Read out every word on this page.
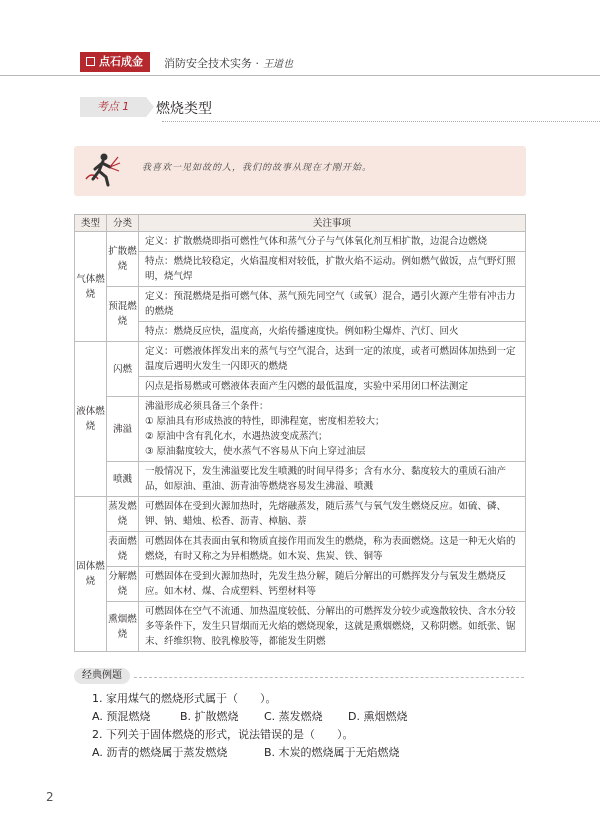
点石成金	消防安全技术实务 · 王道也
考点 1	燃烧类型
我喜欢一见如故的人，我们的故事从现在才刚开始。
类型	分类	关注事项
气体燃烧	扩散燃烧	定义：扩散燃烧即指可燃性气体和蒸气分子与气体氧化剂互相扩散，边混合边燃烧
		特点：燃烧比较稳定，火焰温度相对较低，扩散火焰不运动。例如燃气做饭，点气野灯照明，烧气焊
	预混燃烧	定义：预混燃烧是指可燃气体、蒸气预先同空气（或氧）混合，遇引火源产生带有冲击力的燃烧
		特点：燃烧反应快，温度高，火焰传播速度快。例如粉尘爆炸、汽灯、回火
液体燃烧	闪燃	定义：可燃液体挥发出来的蒸气与空气混合，达到一定的浓度，或者可燃固体加热到一定温度后遇明火发生一闪即灭的燃烧
		闪点是指易燃或可燃液体表面产生闪燃的最低温度，实验中采用闭口杯法测定
	沸溢	沸溢形成必须具备三个条件：
① 原油具有形成热波的特性，即沸程宽，密度相差较大；
② 原油中含有乳化水，水遇热波变成蒸汽；
③ 原油黏度较大，使水蒸气不容易从下向上穿过油层
	喷溅	一般情况下，发生沸溢要比发生喷溅的时间早得多；含有水分、黏度较大的重质石油产品，如原油、重油、沥青油等燃烧容易发生沸溢、喷溅
固体燃烧	蒸发燃烧	可燃固体在受到火源加热时，先熔融蒸发，随后蒸气与氧气发生燃烧反应。如硫、磷、钾、钠、蜡烛、松香、沥青、樟脑、萘
	表面燃烧	可燃固体在其表面由氧和物质直接作用而发生的燃烧，称为表面燃烧。这是一种无火焰的燃烧，有时又称之为异相燃烧。如木炭、焦炭、铁、铜等
	分解燃烧	可燃固体在受到火源加热时，先发生热分解，随后分解出的可燃挥发分与氧发生燃烧反应。如木材、煤、合成塑料、钙塑材料等
	熏烟燃烧	可燃固体在空气不流通、加热温度较低、分解出的可燃挥发分较少或逸散较快、含水分较多等条件下，发生只冒烟而无火焰的燃烧现象，这就是熏烟燃烧，又称阴燃。如纸张、锯末、纤维织物、胶乳橡胶等，都能发生阴燃
经典例题
1. 家用煤气的燃烧形式属于（　　）。
A. 预混燃烧	B. 扩散燃烧 C. 蒸发燃烧 D. 熏烟燃烧
2. 下列关于固体燃烧的形式，说法错误的是（　　）。
A. 沥青的燃烧属于蒸发燃烧	B. 木炭的燃烧属于无焰燃烧
2
